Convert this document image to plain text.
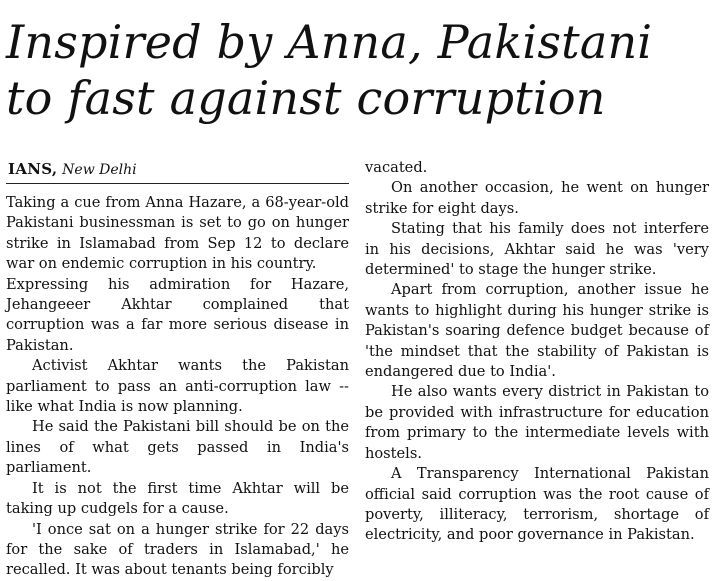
Inspired by Anna, Pakistani
to fast against corruption
IANS, New Delhi

Taking a cue from Anna Hazare, a 68-year-old Pakistani businessman is set to go on hunger strike in Islamabad from Sep 12 to declare war on endemic corruption in his country.

Expressing his admiration for Hazare, Jehangeeer Akhtar complained that corruption was a far more serious disease in Pakistan.

Activist Akhtar wants the Pakistan parliament to pass an anti-corruption law -- like what India is now planning.

He said the Pakistani bill should be on the lines of what gets passed in India's parliament.

It is not the first time Akhtar will be taking up cudgels for a cause.

'I once sat on a hunger strike for 22 days for the sake of traders in Islamabad,' he recalled. It was about tenants being forcibly

vacated.

On another occasion, he went on hunger strike for eight days.

Stating that his family does not interfere in his decisions, Akhtar said he was 'very determined' to stage the hunger strike.

Apart from corruption, another issue he wants to highlight during his hunger strike is Pakistan's soaring defence budget because of 'the mindset that the stability of Pakistan is endangered due to India'.

He also wants every district in Pakistan to be provided with infrastructure for education from primary to the intermediate levels with hostels.

A Transparency International Pakistan official said corruption was the root cause of poverty, illiteracy, terrorism, shortage of electricity, and poor governance in Pakistan.
